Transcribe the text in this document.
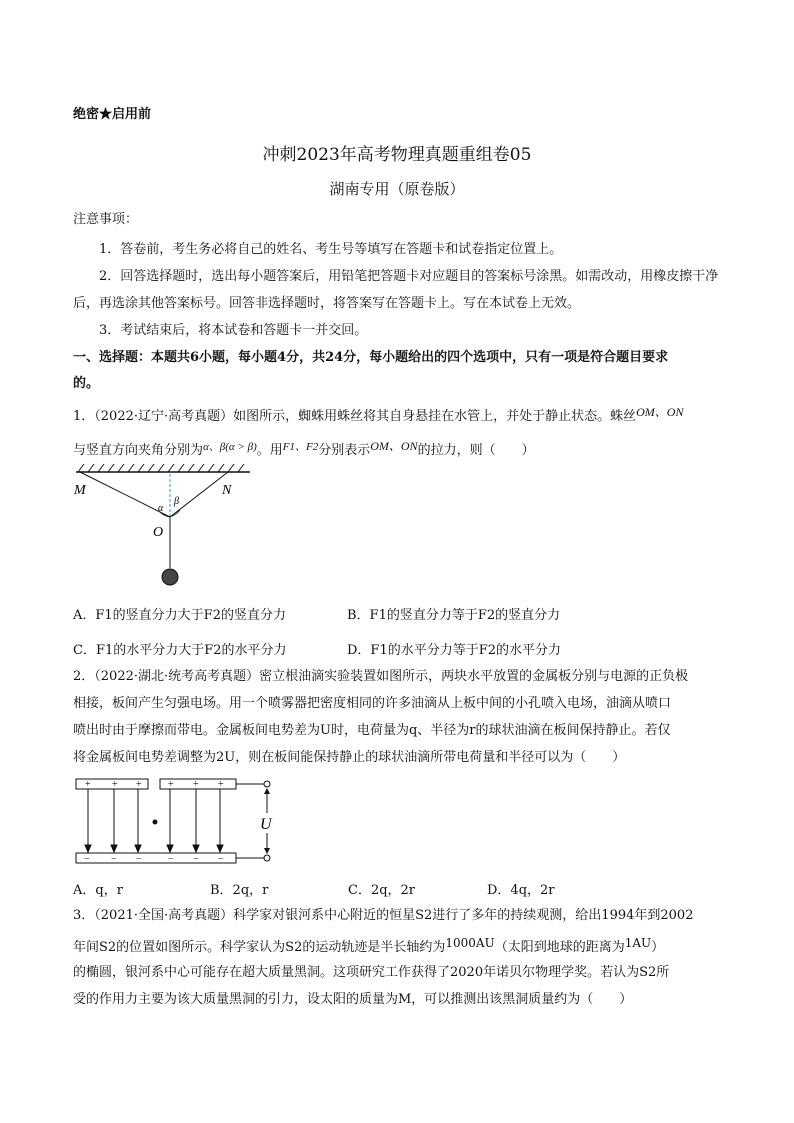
绝密★启用前
冲刺2023年高考物理真题重组卷05
湖南专用（原卷版）
注意事项：
1．答卷前，考生务必将自己的姓名、考生号等填写在答题卡和试卷指定位置上。
2．回答选择题时，选出每小题答案后，用铅笔把答题卡对应题目的答案标号涂黑。如需改动，用橡皮擦干净后，再选涂其他答案标号。回答非选择题时，将答案写在答题卡上。写在本试卷上无效。
3．考试结束后，将本试卷和答题卡一并交回。
一、选择题：本题共6小题，每小题4分，共24分，每小题给出的四个选项中，只有一项是符合题目要求
的。
1．（2022·辽宁·高考真题）如图所示，蜘蛛用蛛丝将其自身悬挂在水管上，并处于静止状态。蛛丝OM、ON
与竖直方向夹角分别为$^{\alpha、\beta(\alpha > \beta)}$。用$^{F1、F2}$分别表示OM、ON的拉力，则（　　）
M	N
O
α
β
A．F1的竖直分力大于F2的竖直分力	B．F1的竖直分力等于F2的竖直分力
C．F1的水平分力大于F2的水平分力	D．F1的水平分力等于F2的水平分力
2．（2022·湖北·统考高考真题）密立根油滴实验装置如图所示，两块水平放置的金属板分别与电源的正负极
相接，板间产生匀强电场。用一个喷雾器把密度相同的许多油滴从上板中间的小孔喷入电场，油滴从喷口
喷出时由于摩擦而带电。金属板间电势差为U时，电荷量为q、半径为r的球状油滴在板间保持静止。若仅
将金属板间电势差调整为2U，则在板间能保持静止的球状油滴所带电荷量和半径可以为（　　）
+ + +	+ + +
− − −	− − −
U
A．q，r	B．2q，r	C．2q，2r	D．4q，2r
3．（2021·全国·高考真题）科学家对银河系中心附近的恒星S2进行了多年的持续观测，给出1994年到2002
年间S2的位置如图所示。科学家认为S2的运动轨迹是半长轴约为1000AU（太阳到地球的距离为1AU）
的椭圆，银河系中心可能存在超大质量黑洞。这项研究工作获得了2020年诺贝尔物理学奖。若认为S2所
受的作用力主要为该大质量黑洞的引力，设太阳的质量为M，可以推测出该黑洞质量约为（　　）
